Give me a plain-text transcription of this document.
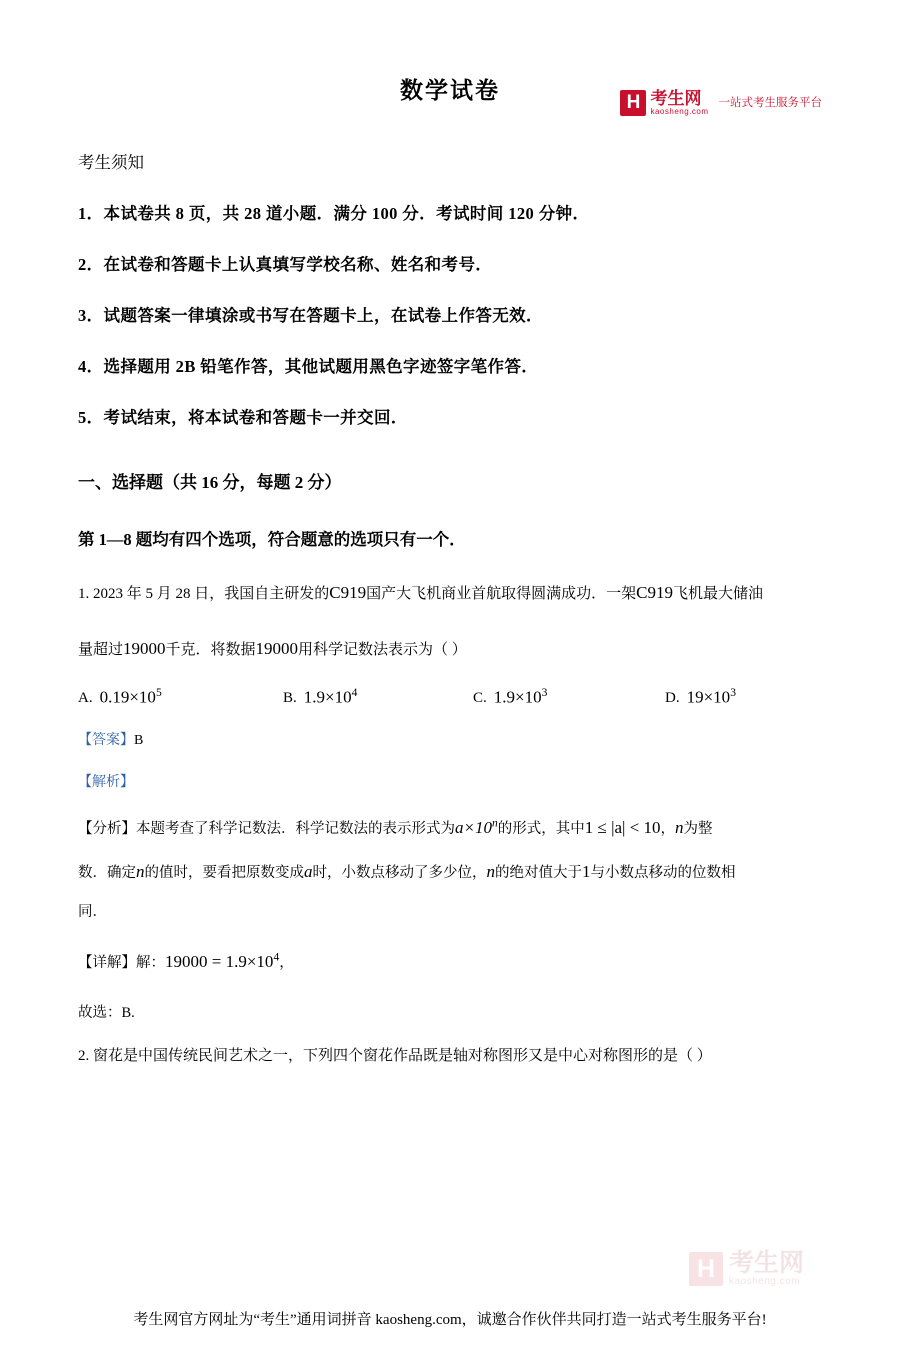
H 考生网
kaosheng.com
一站式考生服务平台
数学试卷
考生须知
1．本试卷共 8 页，共 28 道小题．满分 100 分．考试时间 120 分钟．
2．在试卷和答题卡上认真填写学校名称、姓名和考号．
3．试题答案一律填涂或书写在答题卡上，在试卷上作答无效．
4．选择题用 2B 铅笔作答，其他试题用黑色字迹签字笔作答．
5．考试结束，将本试卷和答题卡一并交回．
一、选择题（共 16 分，每题 2 分）
第 1—8 题均有四个选项，符合题意的选项只有一个．
1. 2023 年 5 月 28 日，我国自主研发的C919国产大飞机商业首航取得圆满成功．一架C919飞机最大储油
量超过19000千克．将数据19000用科学记数法表示为（ ）
A. $0.19\times 10^5$	B. $1.9\times 10^4$	C. $1.9\times 10^3$	D. $19\times 10^3$
【答案】B
【解析】
【分析】本题考查了科学记数法．科学记数法的表示形式为$a\times 10^n$的形式，其中1 ≤ |a| < 10，n为整
数．确定n的值时，要看把原数变成a时，小数点移动了多少位，n的绝对值大于1与小数点移动的位数相
同．
【详解】解：$19000 = 1.9\times 10^4$，
故选：B.
2. 窗花是中国传统民间艺术之一，下列四个窗花作品既是轴对称图形又是中心对称图形的是（ ）
H 考生网
kaosheng.com
考生网官方网址为“考生”通用词拼音 kaosheng.com，诚邀合作伙伴共同打造一站式考生服务平台!
